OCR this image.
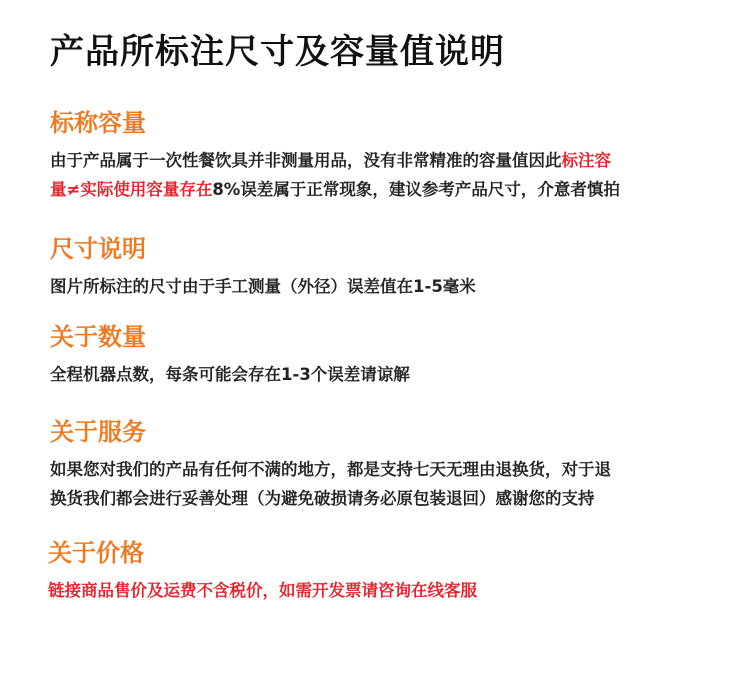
产品所标注尺寸及容量值说明
标称容量

由于产品属于一次性餐饮具并非测量用品，没有非常精准的容量值因此标注容
量≠实际使用容量存在8%误差属于正常现象，建议参考产品尺寸，介意者慎拍

尺寸说明

图片所标注的尺寸由于手工测量（外径）误差值在1-5毫米

关于数量

全程机器点数，每条可能会存在1-3个误差请谅解

关于服务

如果您对我们的产品有任何不满的地方，都是支持七天无理由退换货，对于退
换货我们都会进行妥善处理（为避免破损请务必原包装退回）感谢您的支持

关于价格

链接商品售价及运费不含税价，如需开发票请咨询在线客服
